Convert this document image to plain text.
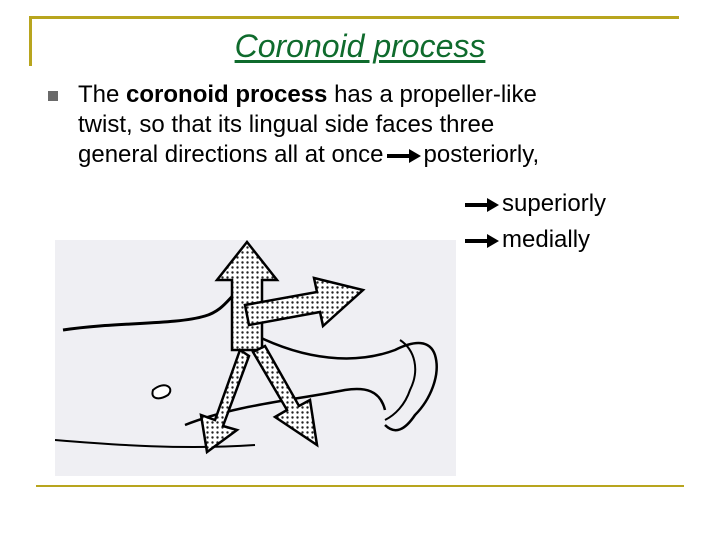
Coronoid process
The coronoid process has a propeller-like
twist, so that its lingual side faces three
general directions all at once posteriorly,
superiorly
medially
